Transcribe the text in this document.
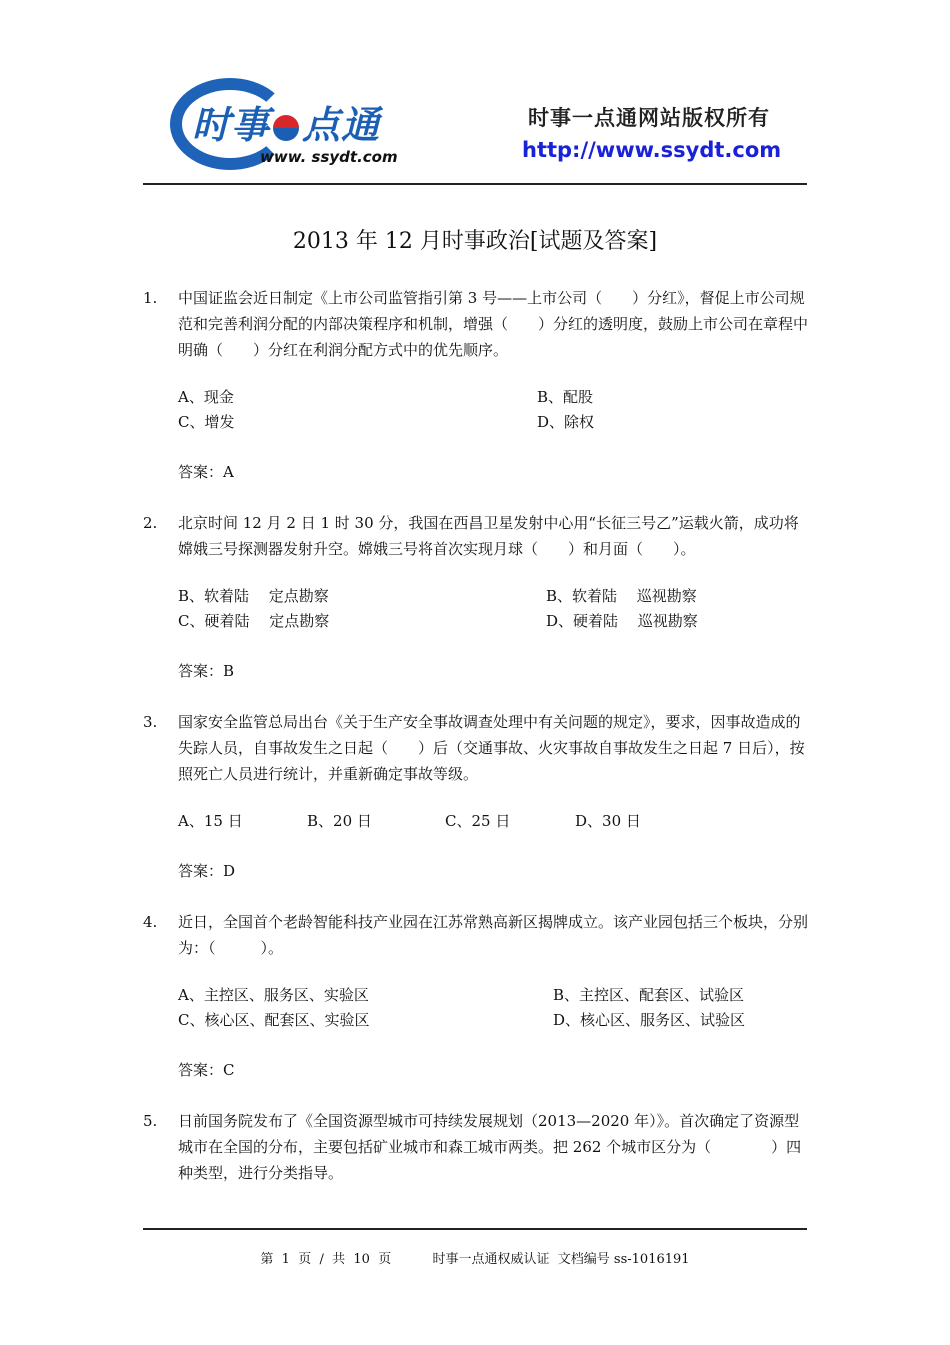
时事 点通
www. ssydt.com
时事一点通网站版权所有
http://www.ssydt.com
2013 年 12 月时事政治[试题及答案]
1. 中国证监会近日制定《上市公司监管指引第 3 号——上市公司（　　）分红》，督促上市公司规范和完善利润分配的内部决策程序和机制，增强（　　）分红的透明度，鼓励上市公司在章程中明确（　　）分红在利润分配方式中的优先顺序。
A、现金	B、配股
C、增发	D、除权
答案：A
2. 北京时间 12 月 2 日 1 时 30 分，我国在西昌卫星发射中心用“长征三号乙”运载火箭，成功将嫦娥三号探测器发射升空。嫦娥三号将首次实现月球（　　）和月面（　　）。
B、软着陆　 定点勘察	B、软着陆　 巡视勘察
C、硬着陆　 定点勘察	D、硬着陆　 巡视勘察
答案：B
3. 国家安全监管总局出台《关于生产安全事故调查处理中有关问题的规定》，要求，因事故造成的失踪人员，自事故发生之日起（　　）后（交通事故、火灾事故自事故发生之日起 7 日后），按照死亡人员进行统计，并重新确定事故等级。
A、15 日	B、20 日	C、25 日	D、30 日
答案：D
4. 近日，全国首个老龄智能科技产业园在江苏常熟高新区揭牌成立。该产业园包括三个板块，分别为：（　　　）。
A、主控区、服务区、实验区	B、主控区、配套区、试验区
C、核心区、配套区、实验区	D、核心区、服务区、试验区
答案：C
5. 日前国务院发布了《全国资源型城市可持续发展规划（2013—2020 年）》。首次确定了资源型城市在全国的分布，主要包括矿业城市和森工城市两类。把 262 个城市区分为（　　　　）四种类型，进行分类指导。
第  1  页  /  共  10  页          时事一点通权威认证  文档编号 ss-1016191
